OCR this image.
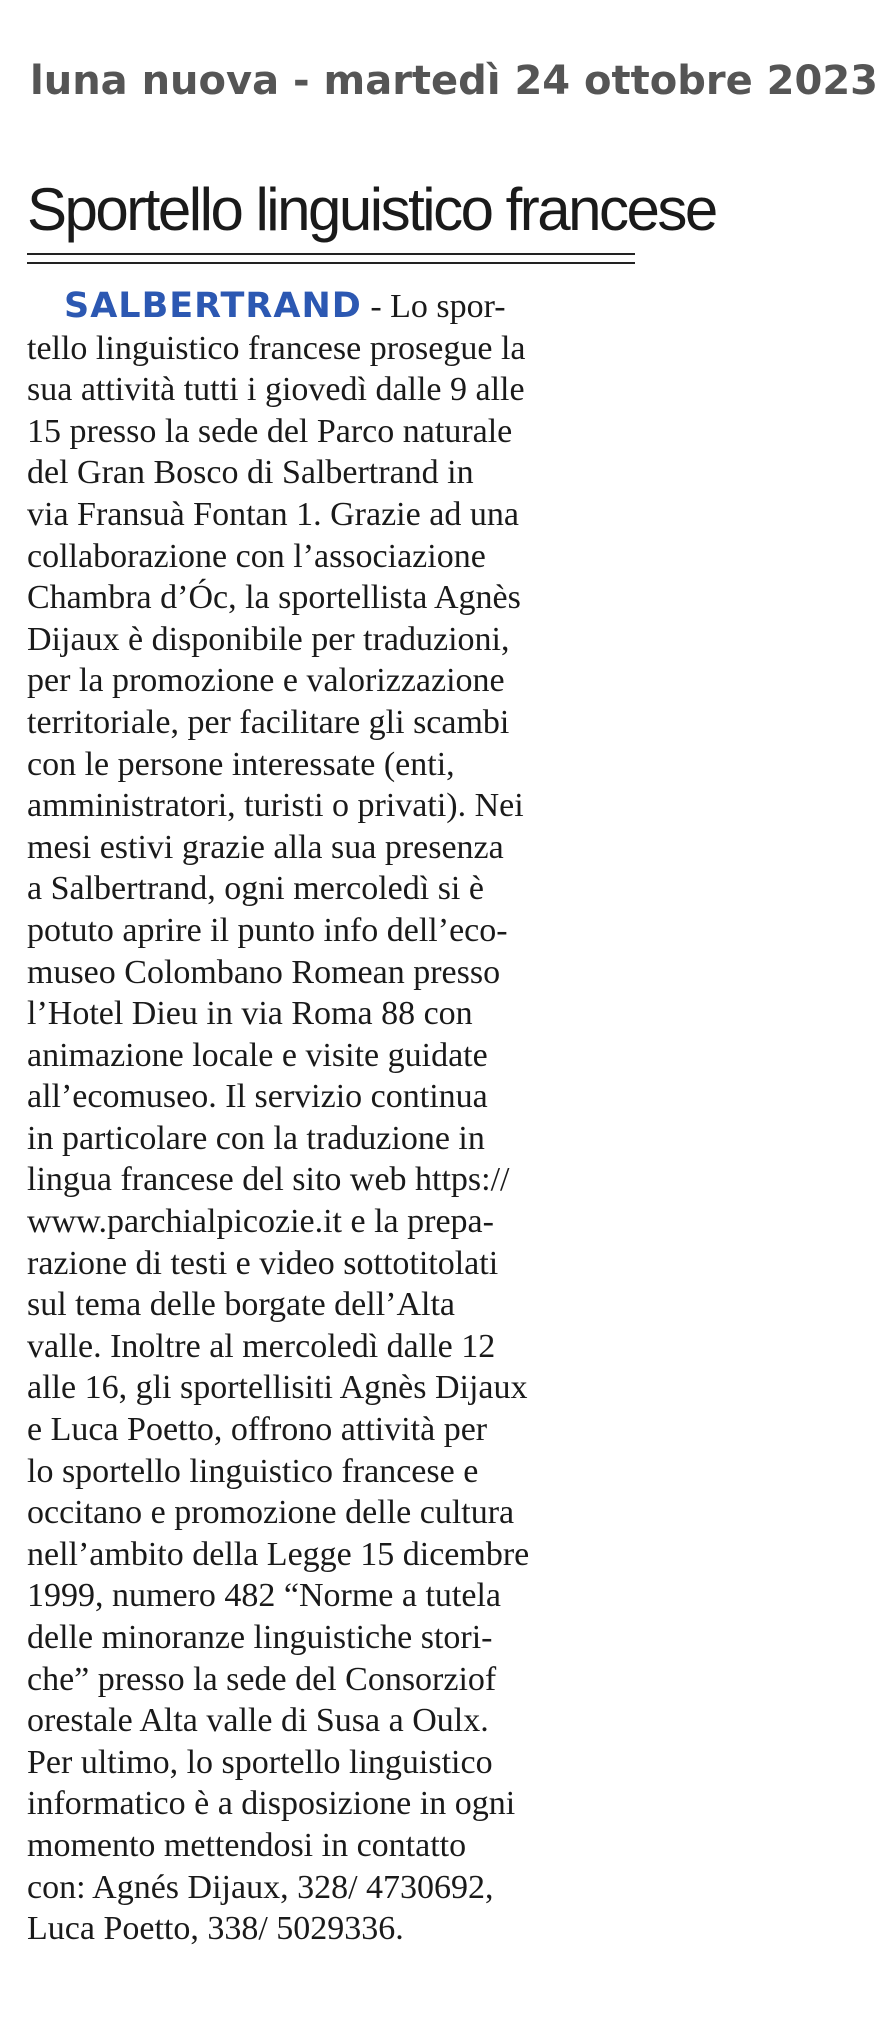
luna nuova - martedì 24 ottobre 2023
Sportello linguistico francese
SALBERTRAND - Lo spor-
tello linguistico francese prosegue la
sua attività tutti i giovedì dalle 9 alle
15 presso la sede del Parco naturale
del Gran Bosco di Salbertrand in
via Fransuà Fontan 1. Grazie ad una
collaborazione con l’associazione
Chambra d’Óc, la sportellista Agnès
Dijaux è disponibile per traduzioni,
per la promozione e valorizzazione
territoriale, per facilitare gli scambi
con le persone interessate (enti,
amministratori, turisti o privati). Nei
mesi estivi grazie alla sua presenza
a Salbertrand, ogni mercoledì si è
potuto aprire il punto info dell’eco-
museo Colombano Romean presso
l’Hotel Dieu in via Roma 88 con
animazione locale e visite guidate
all’ecomuseo. Il servizio continua
in particolare con la traduzione in
lingua francese del sito web https://
www.parchialpicozie.it e la prepa-
razione di testi e video sottotitolati
sul tema delle borgate dell’Alta
valle. Inoltre al mercoledì dalle 12
alle 16, gli sportellisiti Agnès Dijaux
e Luca Poetto, offrono attività per
lo sportello linguistico francese e
occitano e promozione delle cultura
nell’ambito della Legge 15 dicembre
1999, numero 482 “Norme a tutela
delle minoranze linguistiche stori-
che” presso la sede del Consorziof
orestale Alta valle di Susa a Oulx.
Per ultimo, lo sportello linguistico
informatico è a disposizione in ogni
momento mettendosi in contatto
con: Agnés Dijaux, 328/ 4730692,
Luca Poetto, 338/ 5029336.
